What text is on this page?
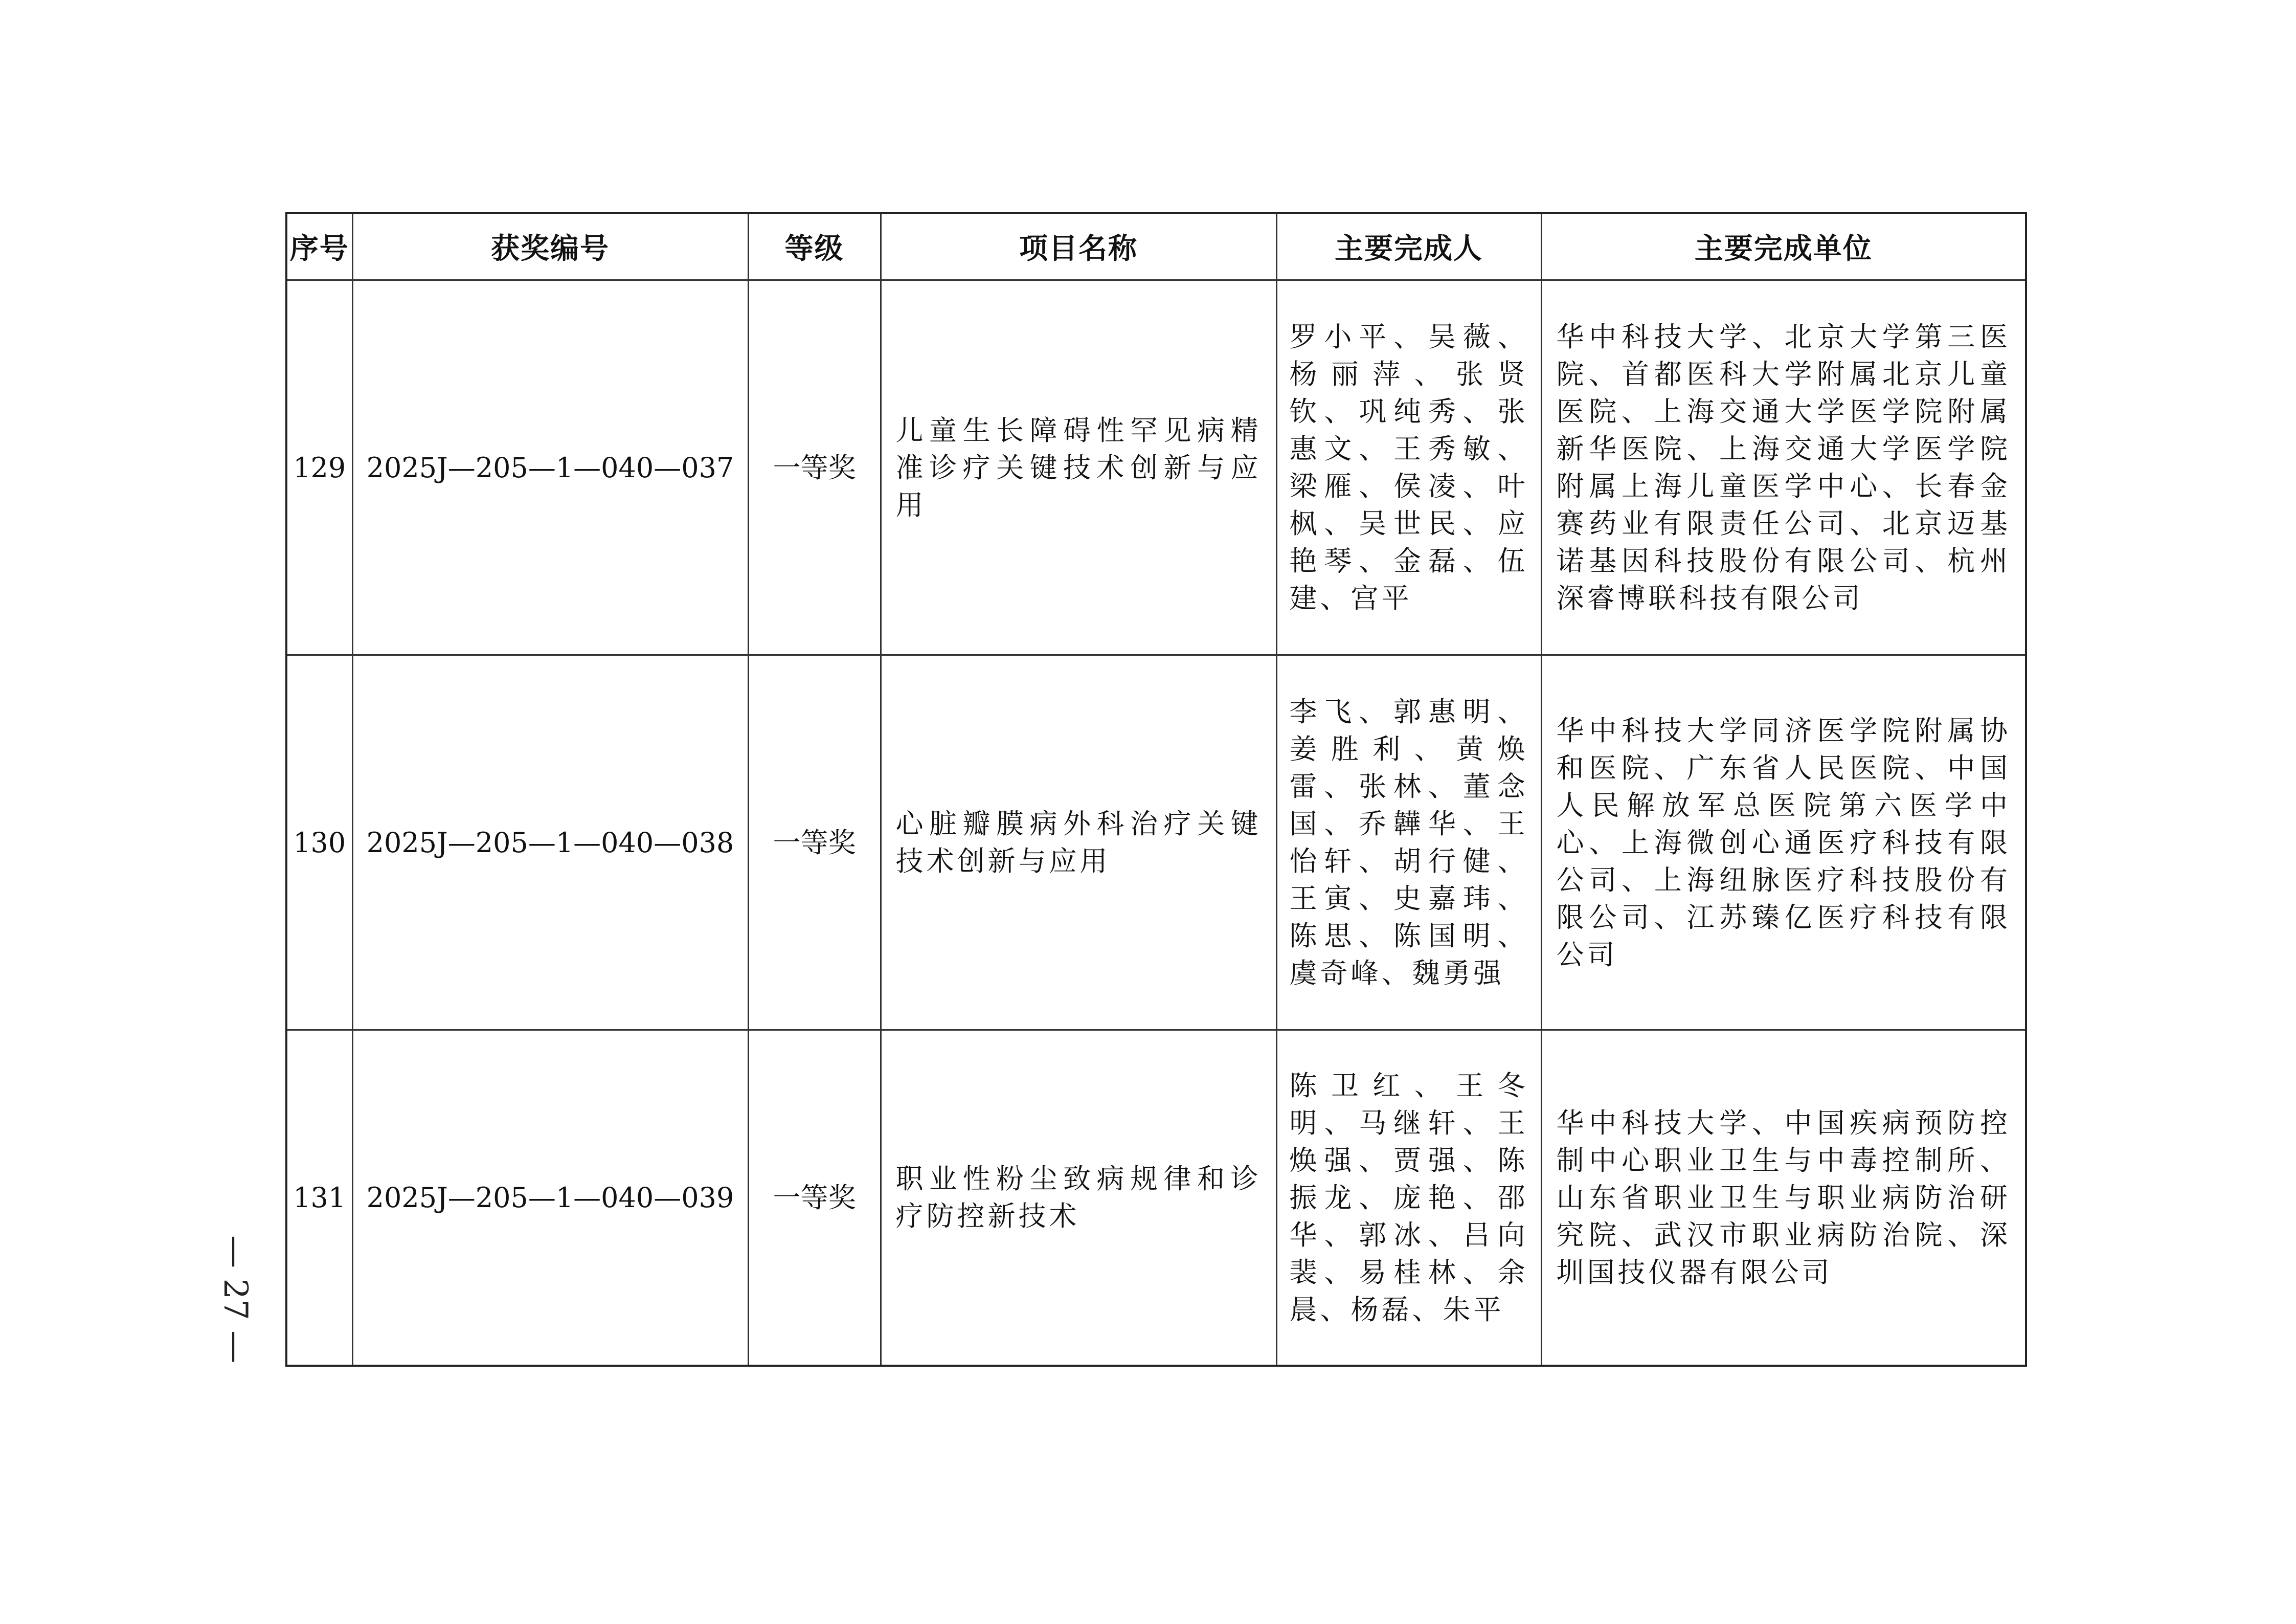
序号	获奖编号	等级	项目名称	主要完成人	主要完成单位
129	2025J—205—1—040—037	一等奖	儿童生长障碍性罕见病精准诊疗关键技术创新与应用	罗小平、吴薇、杨丽萍、张贤钦、巩纯秀、张惠文、王秀敏、梁雁、侯凌、叶枫、吴世民、应艳琴、金磊、伍建、宫平	华中科技大学、北京大学第三医院、首都医科大学附属北京儿童医院、上海交通大学医学院附属新华医院、上海交通大学医学院附属上海儿童医学中心、长春金赛药业有限责任公司、北京迈基诺基因科技股份有限公司、杭州深睿博联科技有限公司
130	2025J—205—1—040—038	一等奖	心脏瓣膜病外科治疗关键技术创新与应用	李飞、郭惠明、姜胜利、黄焕雷、张林、董念国、乔韡华、王怡轩、胡行健、王寅、史嘉玮、陈思、陈国明、虞奇峰、魏勇强	华中科技大学同济医学院附属协和医院、广东省人民医院、中国人民解放军总医院第六医学中心、上海微创心通医疗科技有限公司、上海纽脉医疗科技股份有限公司、江苏臻亿医疗科技有限公司
131	2025J—205—1—040—039	一等奖	职业性粉尘致病规律和诊疗防控新技术	陈卫红、王冬明、马继轩、王焕强、贾强、陈振龙、庞艳、邵华、郭冰、吕向裴、易桂林、余晨、杨磊、朱平	华中科技大学、中国疾病预防控制中心职业卫生与中毒控制所、山东省职业卫生与职业病防治研究院、武汉市职业病防治院、深圳国技仪器有限公司
— 27 —
